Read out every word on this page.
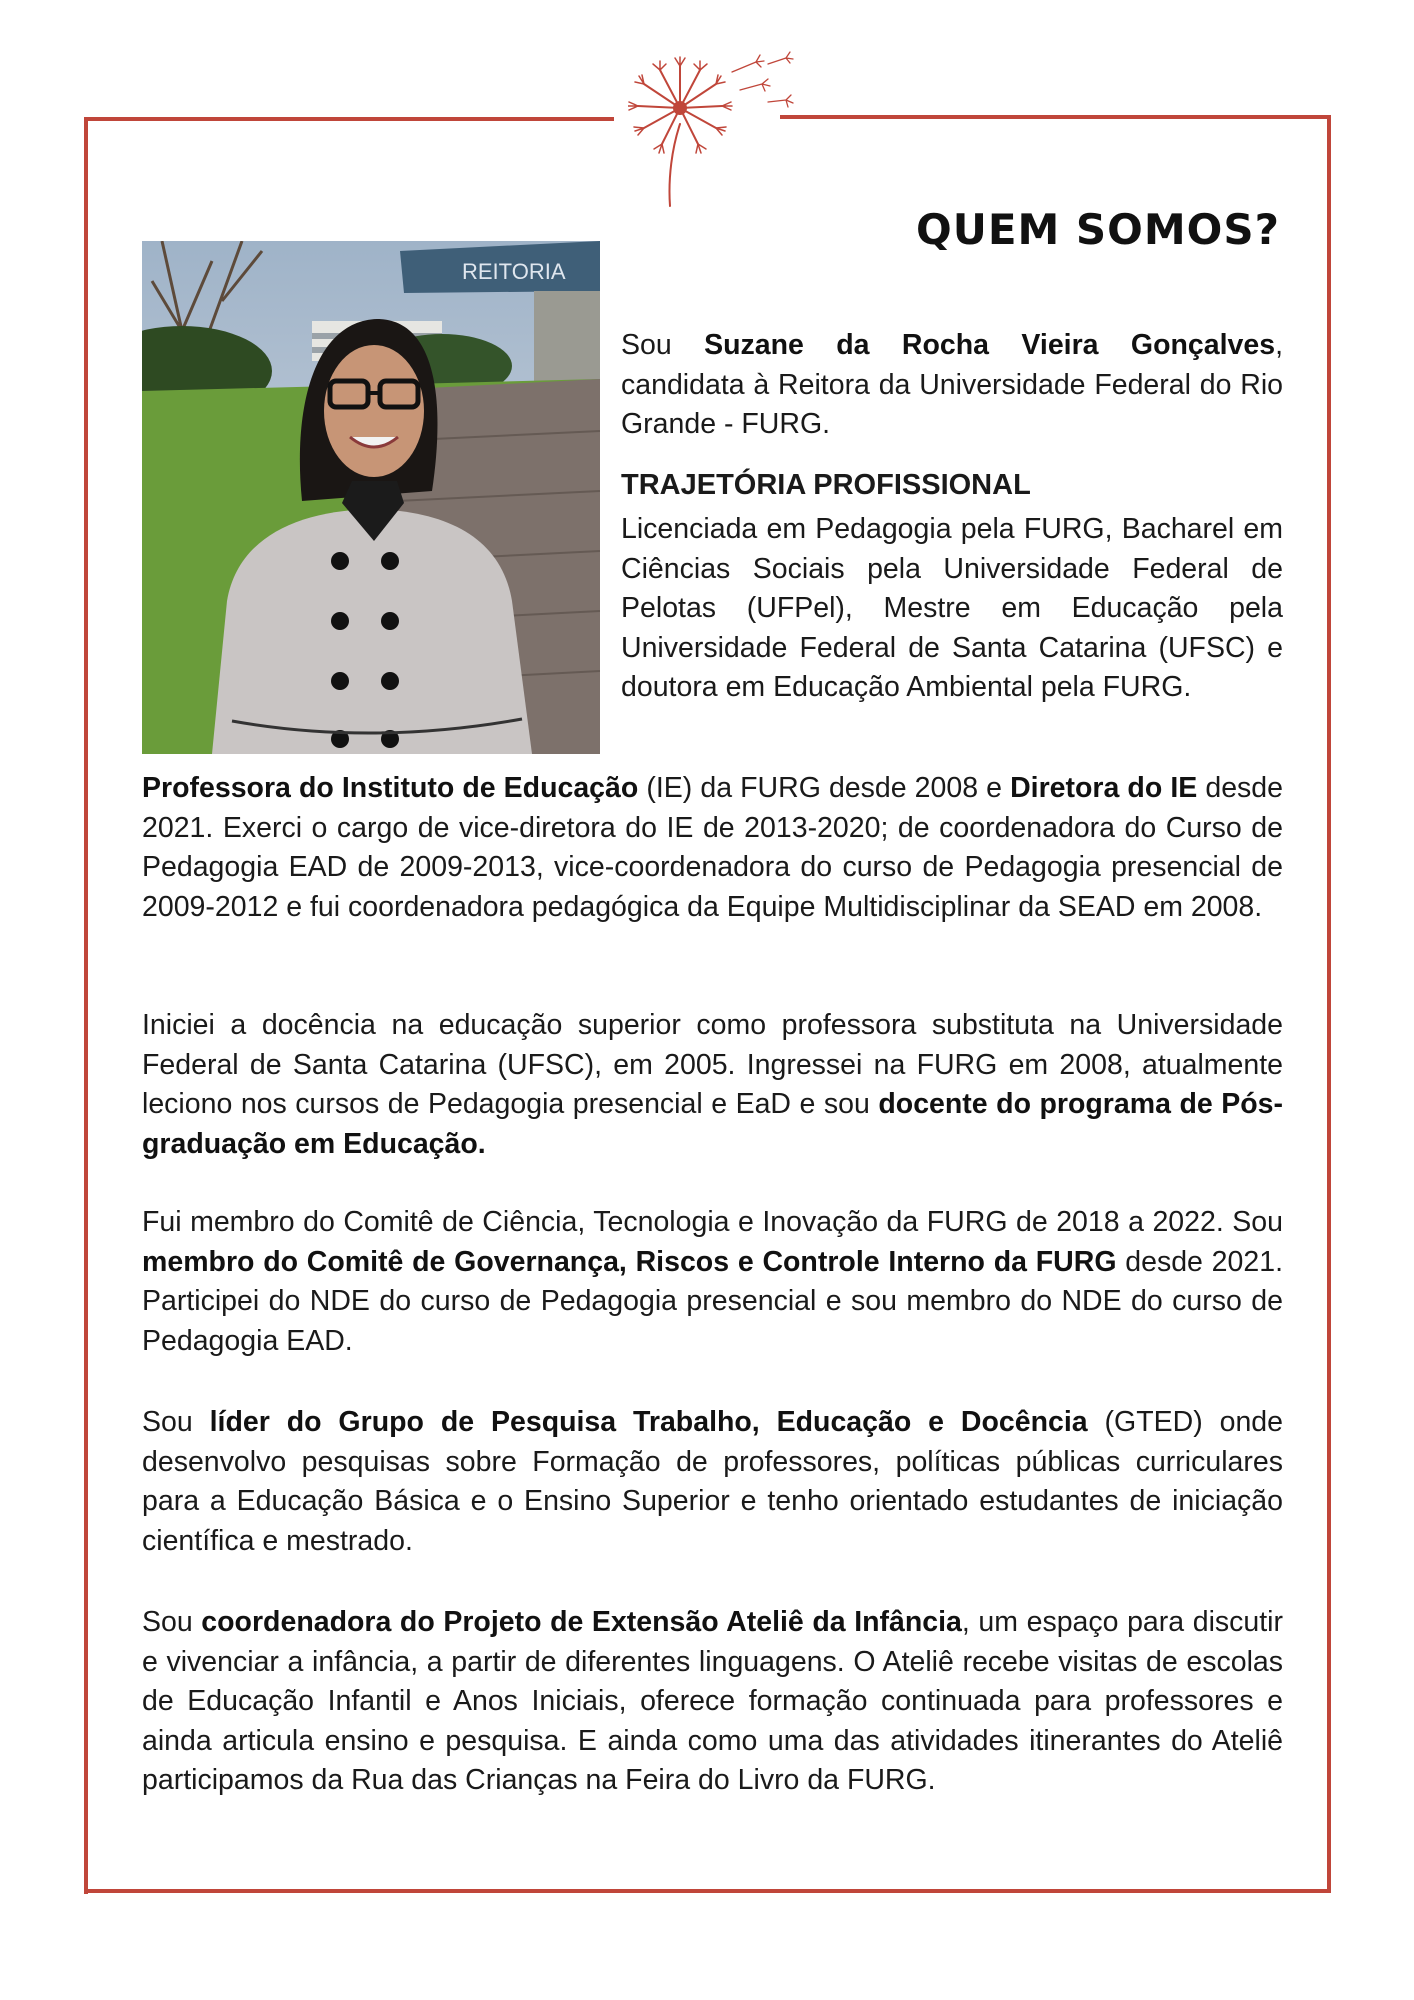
QUEM SOMOS?
REITORIA

Sou Suzane da Rocha Vieira Gonçalves, candidata à Reitora da Universidade Federal do Rio Grande - FURG.

TRAJETÓRIA PROFISSIONAL

Licenciada em Pedagogia pela FURG, Bacharel em Ciências Sociais pela Universidade Federal de Pelotas (UFPel), Mestre em Educação pela Universidade Federal de Santa Catarina (UFSC) e doutora em Educação Ambiental pela FURG.

Professora do Instituto de Educação (IE) da FURG desde 2008 e Diretora do IE desde 2021. Exerci o cargo de vice-diretora do IE de 2013-2020; de coordenadora do Curso de Pedagogia EAD de 2009-2013, vice-coordenadora do curso de Pedagogia presencial de 2009-2012 e fui coordenadora pedagógica da Equipe Multidisciplinar da SEAD em 2008.

Iniciei a docência na educação superior como professora substituta na Universidade Federal de Santa Catarina (UFSC), em 2005. Ingressei na FURG em 2008, atualmente leciono nos cursos de Pedagogia presencial e EaD e sou docente do programa de Pós-graduação em Educação.

Fui membro do Comitê de Ciência, Tecnologia e Inovação da FURG de 2018 a 2022. Sou membro do Comitê de Governança, Riscos e Controle Interno da FURG desde 2021. Participei do NDE do curso de Pedagogia presencial e sou membro do NDE do curso de Pedagogia EAD.

Sou líder do Grupo de Pesquisa Trabalho, Educação e Docência (GTED) onde desenvolvo pesquisas sobre Formação de professores, políticas públicas curriculares para a Educação Básica e o Ensino Superior e tenho orientado estudantes de iniciação científica e mestrado.

Sou coordenadora do Projeto de Extensão Ateliê da Infância, um espaço para discutir e vivenciar a infância, a partir de diferentes linguagens. O Ateliê recebe visitas de escolas de Educação Infantil e Anos Iniciais, oferece formação continuada para professores e ainda articula ensino e pesquisa. E ainda como uma das atividades itinerantes do Ateliê participamos da Rua das Crianças na Feira do Livro da FURG.
